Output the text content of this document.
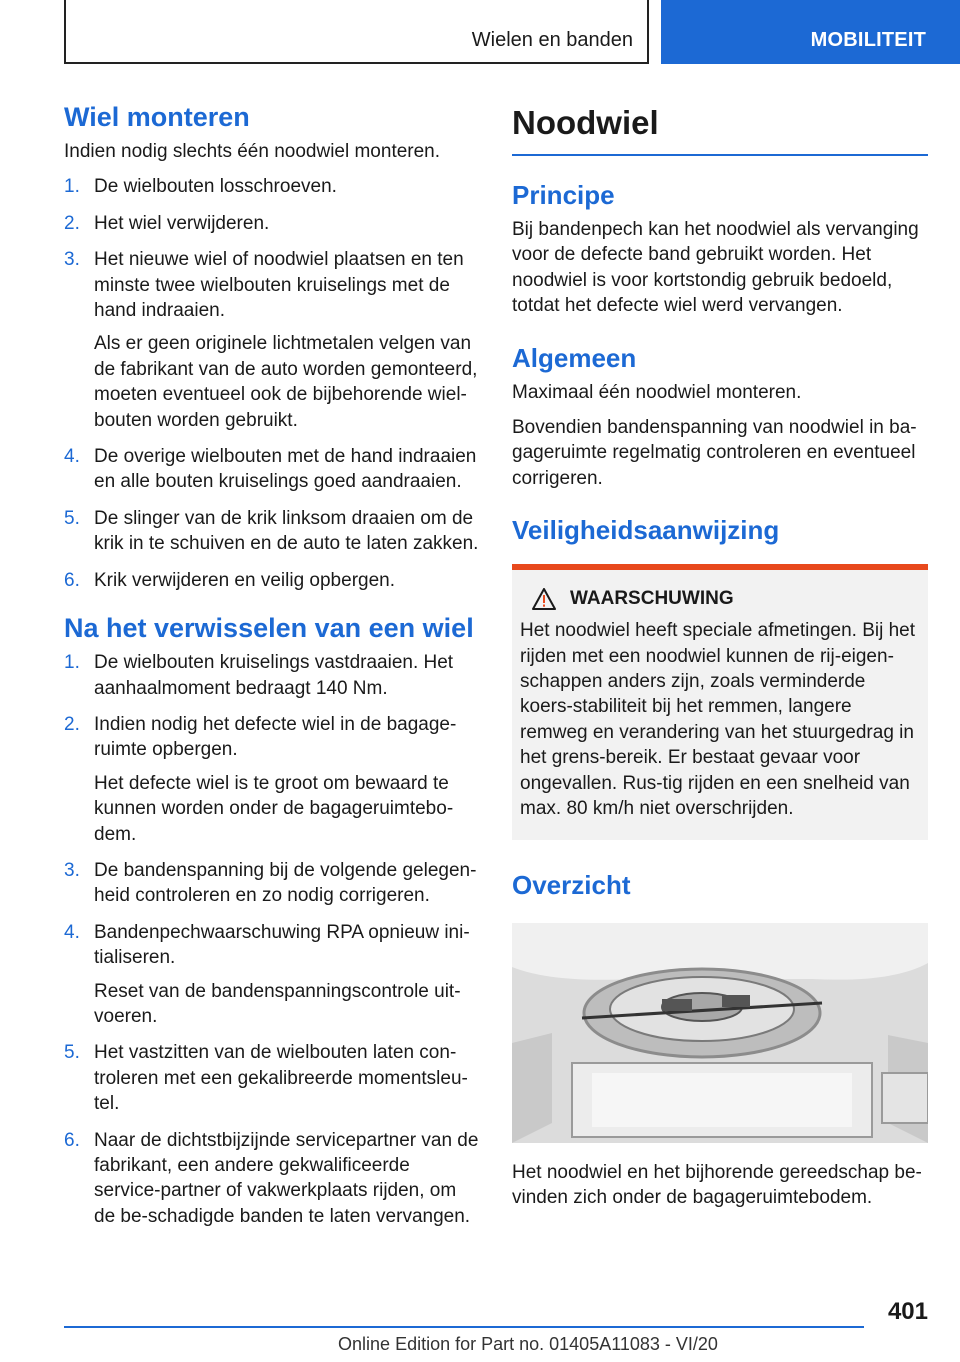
Wielen en banden	MOBILITEIT
Wiel monteren

Indien nodig slechts één noodwiel monteren.

1. De wielbouten losschroeven.
2. Het wiel verwijderen.
3. Het nieuwe wiel of noodwiel plaatsen en ten minste twee wielbouten kruiselings met de hand indraaien.

Als er geen originele lichtmetalen velgen van de fabrikant van de auto worden gemonteerd, moeten eventueel ook de bijbehorende wiel-bouten worden gebruikt.

4. De overige wielbouten met de hand indraaien en alle bouten kruiselings goed aandraaien.
5. De slinger van de krik linksom draaien om de krik in te schuiven en de auto te laten zakken.
6. Krik verwijderen en veilig opbergen.
Na het verwisselen van een wiel
1. De wielbouten kruiselings vastdraaien. Het aanhaalmoment bedraagt 140 Nm.
2. Indien nodig het defecte wiel in de bagage-ruimte opbergen.

Het defecte wiel is te groot om bewaard te kunnen worden onder de bagageruimtebo-dem.

3. De bandenspanning bij de volgende gelegen-heid controleren en zo nodig corrigeren.
4. Bandenpechwaarschuwing RPA opnieuw ini-tialiseren.

Reset van de bandenspanningscontrole uit-voeren.

5. Het vastzitten van de wielbouten laten con-troleren met een gekalibreerde momentsleu-tel.
6. Naar de dichtstbijzijnde servicepartner van de fabrikant, een andere gekwalificeerde service-partner of vakwerkplaats rijden, om de be-schadigde banden te laten vervangen.
Noodwiel
Principe

Bij bandenpech kan het noodwiel als vervanging voor de defecte band gebruikt worden. Het noodwiel is voor kortstondig gebruik bedoeld, totdat het defecte wiel werd vervangen.

Algemeen

Maximaal één noodwiel monteren.

Bovendien bandenspanning van noodwiel in ba-gageruimte regelmatig controleren en eventueel corrigeren.

Veiligheidsaanwijzing
WAARSCHUWING

Het noodwiel heeft speciale afmetingen. Bij het rijden met een noodwiel kunnen de rij-eigen-schappen anders zijn, zoals verminderde koers-stabiliteit bij het remmen, langere remweg en verandering van het stuurgedrag in het grens-bereik. Er bestaat gevaar voor ongevallen. Rus-tig rijden en een snelheid van max. 80 km/h niet overschrijden.

Overzicht

Het noodwiel en het bijhorende gereedschap be-vinden zich onder de bagageruimtebodem.

401
Online Edition for Part no. 01405A11083 - VI/20
